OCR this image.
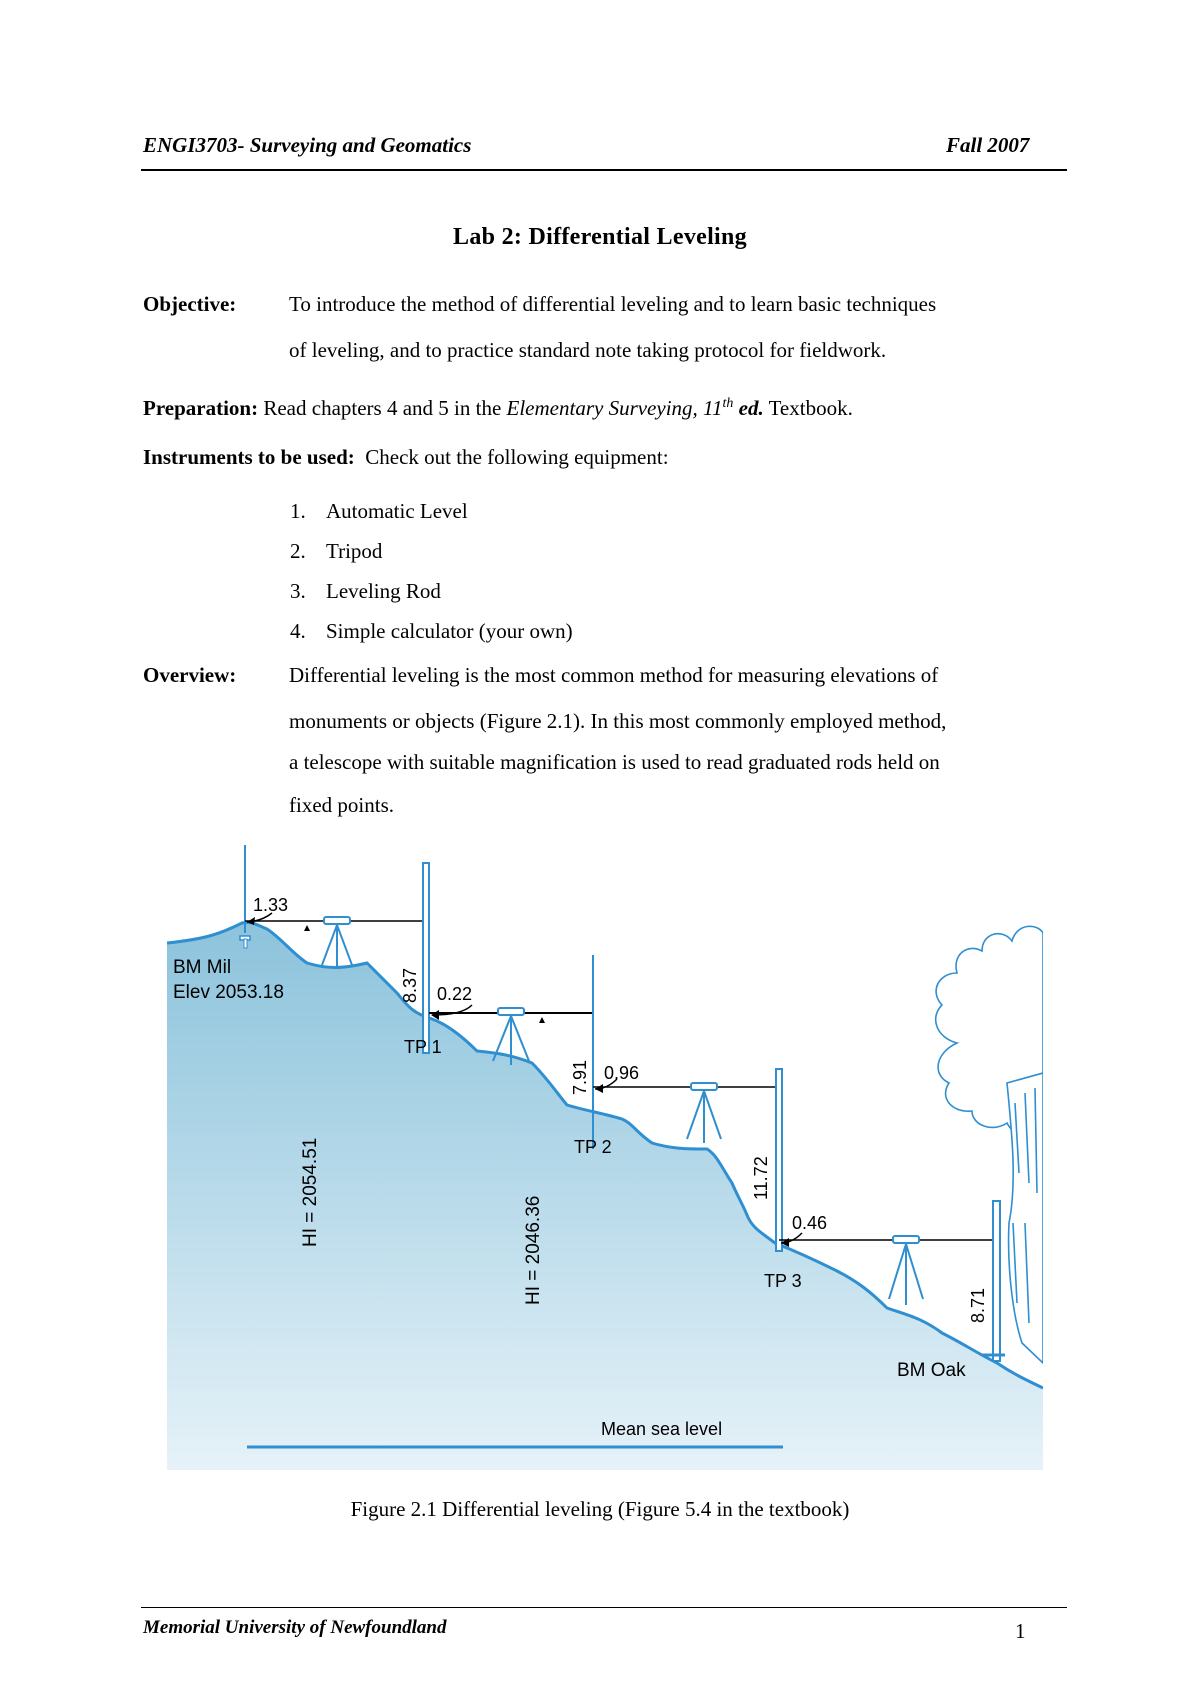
ENGI3703- Surveying and Geomatics	Fall 2007
Lab 2: Differential Leveling
Objective:	To introduce the method of differential leveling and to learn basic techniques
of leveling, and to practice standard note taking protocol for fieldwork.
Preparation: Read chapters 4 and 5 in the Elementary Surveying, 11th ed. Textbook.
Instruments to be used:  Check out the following equipment:
1. Automatic Level
2. Tripod
3. Leveling Rod
4. Simple calculator (your own)
Overview:	Differential leveling is the most common method for measuring elevations of
monuments or objects (Figure 2.1). In this most commonly employed method,
a telescope with suitable magnification is used to read graduated rods held on
fixed points.
1.33
BM Mil
Elev 2053.18	8.37 0.22
TP 1
7.91 0.96
TP 2
11.72
0.46
TP 3
8.71
BM Oak
HI = 2054.51
HI = 2046.36
Mean sea level
Figure 2.1 Differential leveling (Figure 5.4 in the textbook)
Memorial University of Newfoundland	1
